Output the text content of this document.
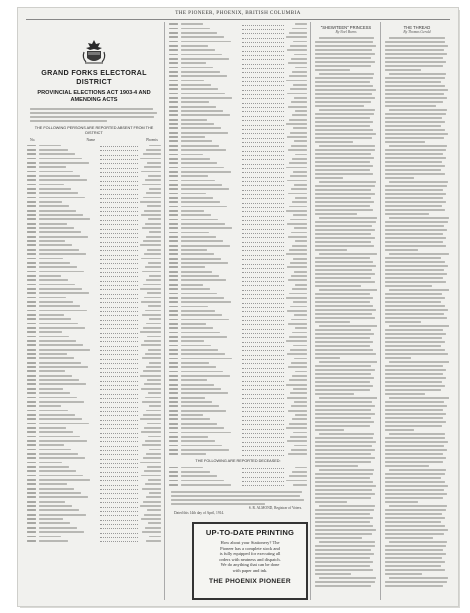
THE PIONEER, PHOENIX, BRITISH COLUMBIA
GRAND FORKS ELECTORAL DISTRICT
PROVINCIAL ELECTIONS ACT 1903-4 AND AMENDING ACTS
THE FOLLOWING PERSONS ARE REPORTED ABSENT FROM THE DISTRICT
No.	Name	Phoenix
THE FOLLOWING ARE REPORTED DECEASED:
S. R. ALMOND, Registrar of Voters.
Dated this 14th day of April, 1914.
UP-TO-DATE PRINTING
How about your Stationery? The
Pioneer has a complete stock and
is fully equipped for executing all
orders with neatness and dispatch.
We do anything that can be done
with paper and ink.
THE PHOENIX PIONEER
"SHEWITEEN" PRINCESS
By Noel Burns
THE THREAD
By Thomas Gerald
